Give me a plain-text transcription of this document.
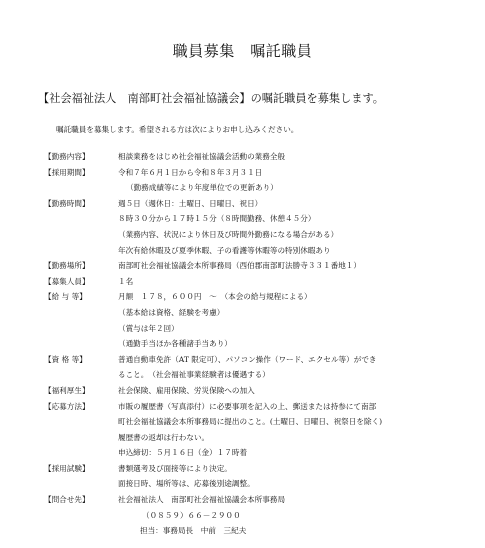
職員募集　嘱託職員
【社会福祉法人　南部町社会福祉協議会】の嘱託職員を募集します。
嘱託職員を募集します。希望される方は次によりお申し込みください。
【勤務内容】	相談業務をはじめ社会福祉協議会活動の業務全般
【採用期間】	令和７年６月１日から令和８年３月３１日
（勤務成績等により年度単位での更新あり）
【勤務時間】	週５日（週休日：土曜日、日曜日、祝日）
８時３０分から１７時１５分（８時間勤務、休憩４５分）
（業務内容、状況により休日及び時間外勤務になる場合がある）
年次有給休暇及び夏季休暇、子の看護等休暇等の特別休暇あり
【勤務場所】	南部町社会福祉協議会本所事務局（西伯郡南部町法勝寺３３１番地１）
【募集人員】	１名
【給 与 等】	月額　１７８，６００円　～　（本会の給与規程による）
（基本給は資格、経験を考慮）
（賞与は年２回）
（通勤手当ほか各種諸手当あり）
【資 格 等】	普通自動車免許（AT 限定可）、パソコン操作（ワード、エクセル等）ができ
ること。　（社会福祉事業経験者は優遇する）
【福利厚生】	社会保険、雇用保険、労災保険への加入
【応募方法】	市販の履歴書（写真添付）に必要事項を記入の上、郵送または持参にて南部
町社会福祉協議会本所事務局に提出のこと。(土曜日、日曜日、祝祭日を除く)
履歴書の返却は行わない。
申込締切：５月１６日（金）１７時着
【採用試験】	書類選考及び面接等により決定。
面接日時、場所等は、応募後別途調整。
【問合せ先】	社会福祉法人　南部町社会福祉協議会本所事務局
（０８５９）６６－２９００
担当：事務局長　中前　三紀夫
